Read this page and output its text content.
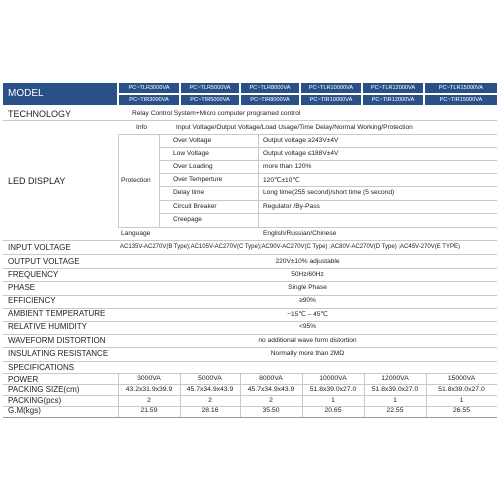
MODEL	PC~TLR3000VA	PC~TLR5000VA	PC~TLR8000VA	PC~TLR10000VA	PC~TLR12000VA	PC~TLR15000VA
PC~TIR3000VA	PC~TIR5000VA	PC~TIR8000VA	PC~TIR10000VA	PC~TIR12000VA	PC~TIR15000VA
TECHNOLOGY	Relay Control System+Micro computer programed control
LED DISPLAY
Info	Input Voltage/Output Voltage/Load Usage/Time Delay/Normal Working/Protection
Protection
Over Voltage	Output voltage ≥243V±4V
Low Voltage	Output voltage ≤188V±4V
Over Loading	more than 120%
Over Temperture	120℃±10℃
Delay time	Long time(255 second)/short time (5 second)
Circuit Breaker	Regulator /By-Pass
Creepage
Language	English/Russian/Chinese
INPUT VOLTAGE	AC135V-AC270V(B Type);AC105V-AC270V(C Type);AC90V-AC270V(C Type) ;AC80V-AC270V(D Type) ;AC45V-270V(E TYPE)
OUTPUT VOLTAGE	220V±10% adjustable
FREQUENCY	50Hz/60Hz
PHASE	Single Phase
EFFICIENCY	≥90%
AMBIENT TEMPERATURE	−15℃ – 45℃
RELATIVE HUMIDITY	<95%
WAVEFORM DISTORTION	no additional wave form distortion
INSULATING RESISTANCE	Normally more than 2MΩ
SPECIFICATIONS
POWER	3000VA	5000VA	8000VA	10000VA	12000VA	15000VA
PACKING SIZE(cm)	43.2x31.9x39.9	45.7x34.9x43.9	45.7x34.9x43.9	51.8x39.0x27.0	51.8x39.0x27.0	51.8x39.0x27.0
PACKING(pcs)	2	2	2	1	1	1
G.M(kgs)	21.59	28.16	35.50	20.65	22.55	26.55
